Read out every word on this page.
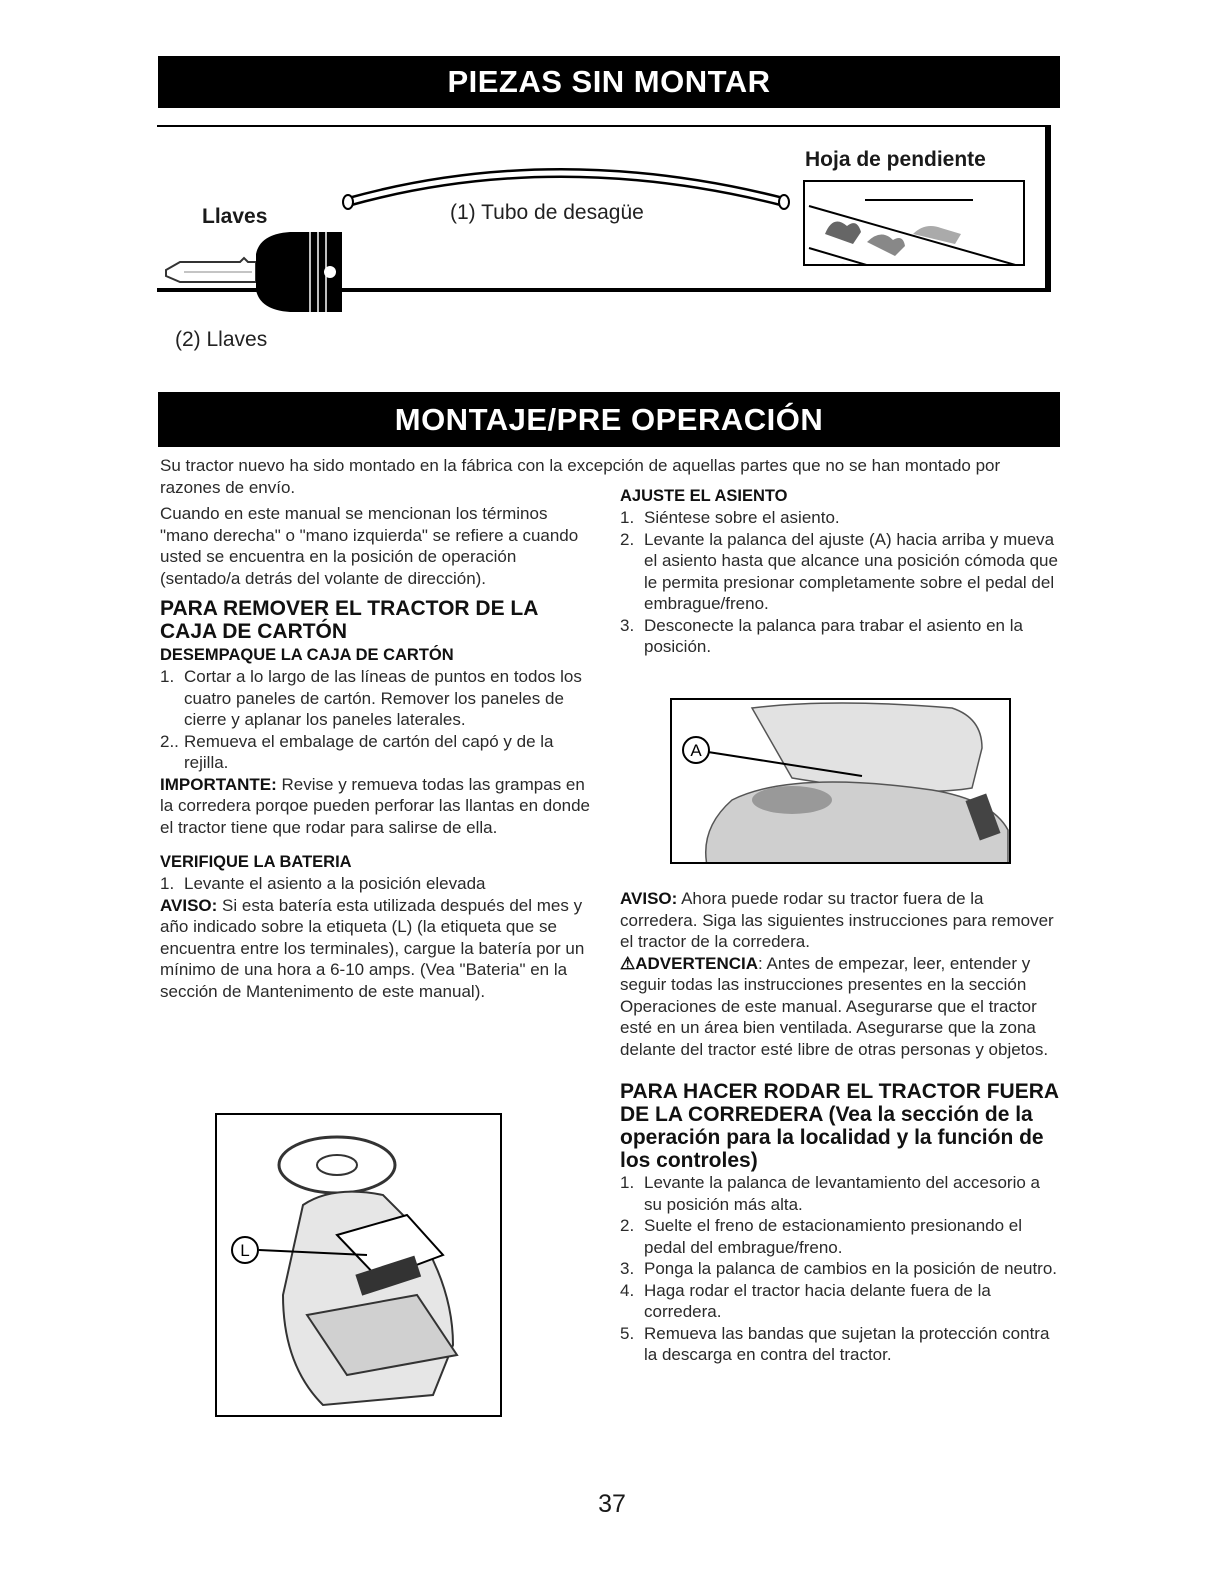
PIEZAS SIN MONTAR
Llaves
(2) Llaves
(1) Tubo de desagüe
Hoja de pendiente
MONTAJE/PRE OPERACIÓN
Su tractor nuevo ha sido montado en la fábrica con la excepción de aquellas partes que no se han montado por razones de envío.

Cuando en este manual se mencionan los términos "mano derecha" o "mano izquierda" se refiere a cuando usted se encuentra en la posición de operación (sentado/a detrás del volante de dirección).

PARA REMOVER EL TRACTOR DE LA CAJA DE CARTÓN
DESEMPAQUE LA CAJA DE CARTÓN
1. Cortar a lo largo de las líneas de puntos en todos los cuatro paneles de cartón. Remover los paneles de cierre y aplanar los paneles laterales.
2.. Remueva el embalage de cartón del capó y de la rejilla.

IMPORTANTE: Revise y remueva todas las grampas en la corredera porqoe pueden perforar las llantas en donde el tractor tiene que rodar para salirse de ella.

VERIFIQUE LA BATERIA
1. Levante el asiento a la posición elevada

AVISO: Si esta batería esta utilizada después del mes y año indicado sobre la etiqueta (L) (la etiqueta que se encuentra entre los terminales), cargue la batería por un mínimo de una hora a 6-10 amps. (Vea "Bateria" en la sección de Mantenimento de este manual).

L
AJUSTE EL ASIENTO
1. Siéntese sobre el asiento.
2. Levante la palanca del ajuste (A) hacia arriba y mueva el asiento hasta que alcance una posición cómoda que le permita presionar completamente sobre el pedal del embrague/freno.
3. Desconecte la palanca para trabar el asiento en la posición.
A

AVISO: Ahora puede rodar su tractor fuera de la corredera. Siga las siguientes instrucciones para remover el tractor de la corredera.

⚠ADVERTENCIA: Antes de empezar, leer, entender y seguir todas las instrucciones presentes en la sección Operaciones de este manual. Asegurarse que el tractor esté en un área bien ventilada. Asegurarse que la zona delante del tractor esté libre de otras personas y objetos.

PARA HACER RODAR EL TRACTOR FUERA DE LA CORREDERA (Vea la sección de la operación para la localidad y la función de los controles)
1. Levante la palanca de levantamiento del accesorio a su posición más alta.
2. Suelte el freno de estacionamiento presionando el pedal del embrague/freno.
3. Ponga la palanca de cambios en la posición de neutro.
4. Haga rodar el tractor hacia delante fuera de la corredera.
5. Remueva las bandas que sujetan la protección contra la descarga en contra del tractor.
37
